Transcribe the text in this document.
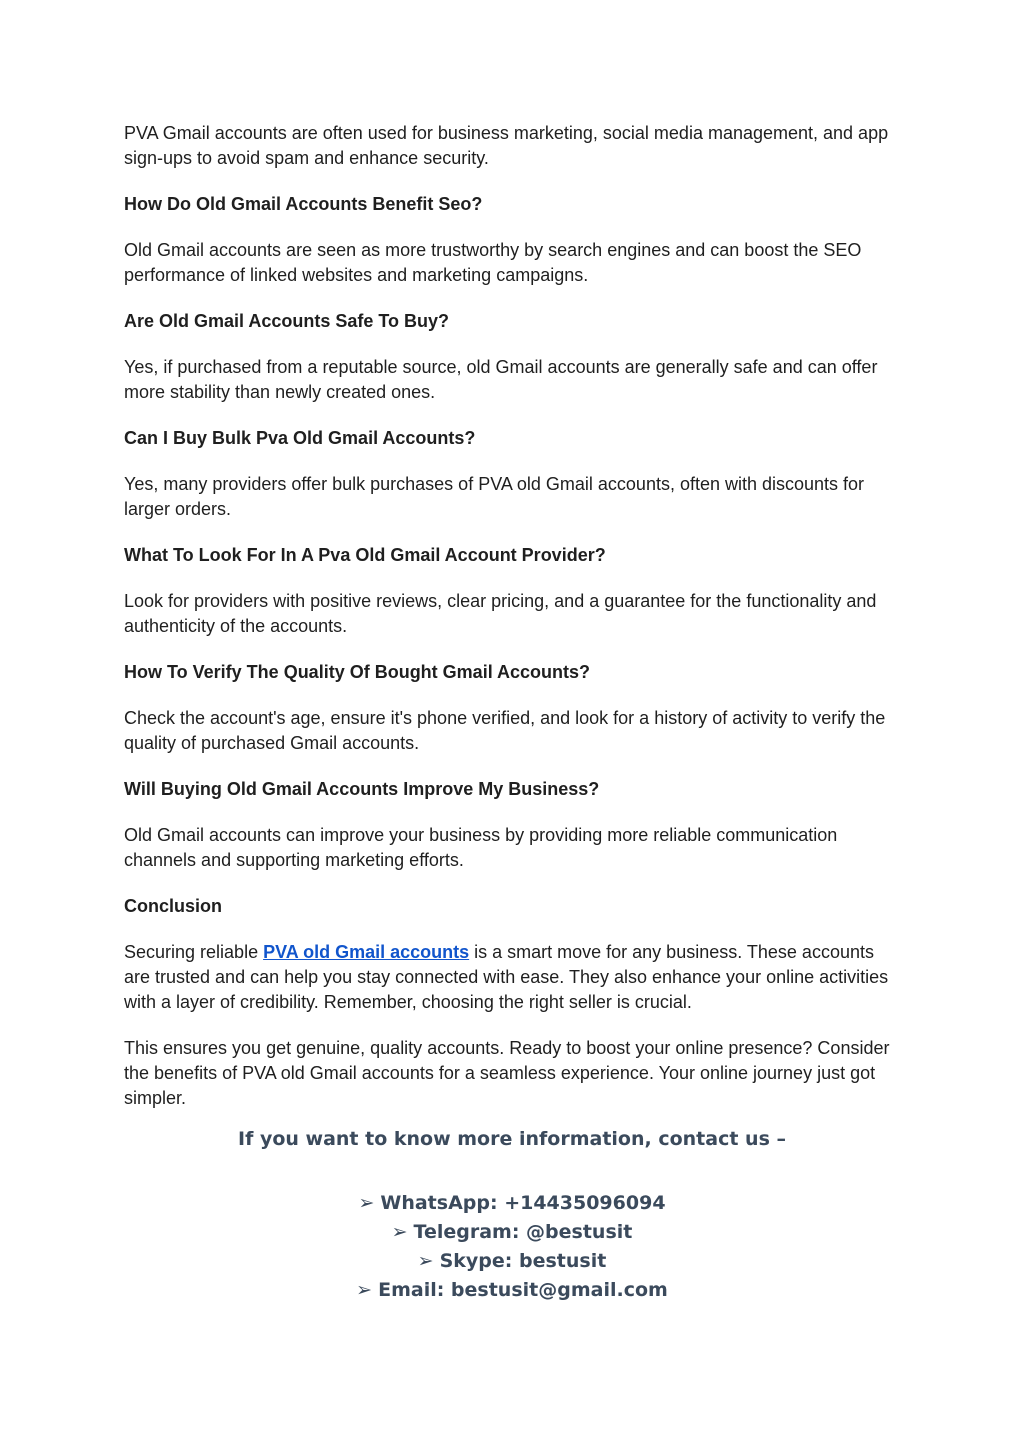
PVA Gmail accounts are often used for business marketing, social media management, and app sign-ups to avoid spam and enhance security.

How Do Old Gmail Accounts Benefit Seo?

Old Gmail accounts are seen as more trustworthy by search engines and can boost the SEO performance of linked websites and marketing campaigns.

Are Old Gmail Accounts Safe To Buy?

Yes, if purchased from a reputable source, old Gmail accounts are generally safe and can offer more stability than newly created ones.

Can I Buy Bulk Pva Old Gmail Accounts?

Yes, many providers offer bulk purchases of PVA old Gmail accounts, often with discounts for larger orders.

What To Look For In A Pva Old Gmail Account Provider?

Look for providers with positive reviews, clear pricing, and a guarantee for the functionality and authenticity of the accounts.

How To Verify The Quality Of Bought Gmail Accounts?

Check the account's age, ensure it's phone verified, and look for a history of activity to verify the quality of purchased Gmail accounts.

Will Buying Old Gmail Accounts Improve My Business?

Old Gmail accounts can improve your business by providing more reliable communication channels and supporting marketing efforts.

Conclusion

Securing reliable PVA old Gmail accounts is a smart move for any business. These accounts are trusted and can help you stay connected with ease. They also enhance your online activities with a layer of credibility. Remember, choosing the right seller is crucial.

This ensures you get genuine, quality accounts. Ready to boost your online presence? Consider the benefits of PVA old Gmail accounts for a seamless experience. Your online journey just got simpler.

If you want to know more information, contact us –
➢ WhatsApp: +14435096094
➢ Telegram: @bestusit
➢ Skype: bestusit
➢ Email: bestusit@gmail.com
